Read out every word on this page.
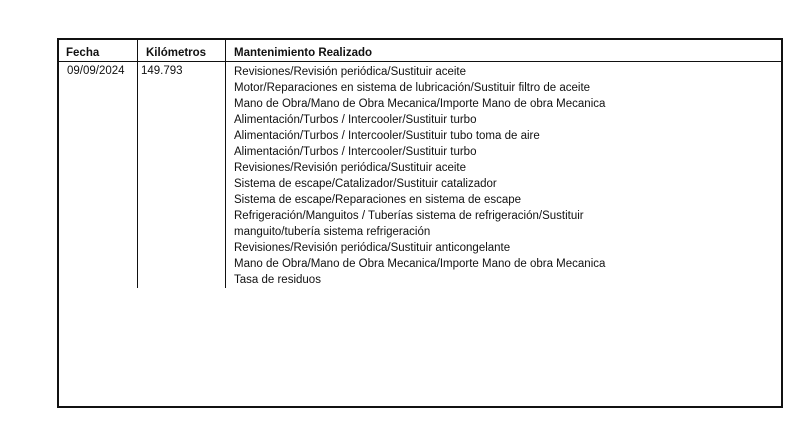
Fecha	Kilómetros Mantenimiento Realizado
09/09/2024 149.793	Revisiones/Revisión periódica/Sustituir aceite
Motor/Reparaciones en sistema de lubricación/Sustituir filtro de aceite
Mano de Obra/Mano de Obra Mecanica/Importe Mano de obra Mecanica
Alimentación/Turbos / Intercooler/Sustituir turbo
Alimentación/Turbos / Intercooler/Sustituir tubo toma de aire
Alimentación/Turbos / Intercooler/Sustituir turbo
Revisiones/Revisión periódica/Sustituir aceite
Sistema de escape/Catalizador/Sustituir catalizador
Sistema de escape/Reparaciones en sistema de escape
Refrigeración/Manguitos / Tuberías sistema de refrigeración/Sustituir
manguito/tubería sistema refrigeración
Revisiones/Revisión periódica/Sustituir anticongelante
Mano de Obra/Mano de Obra Mecanica/Importe Mano de obra Mecanica
Tasa de residuos
